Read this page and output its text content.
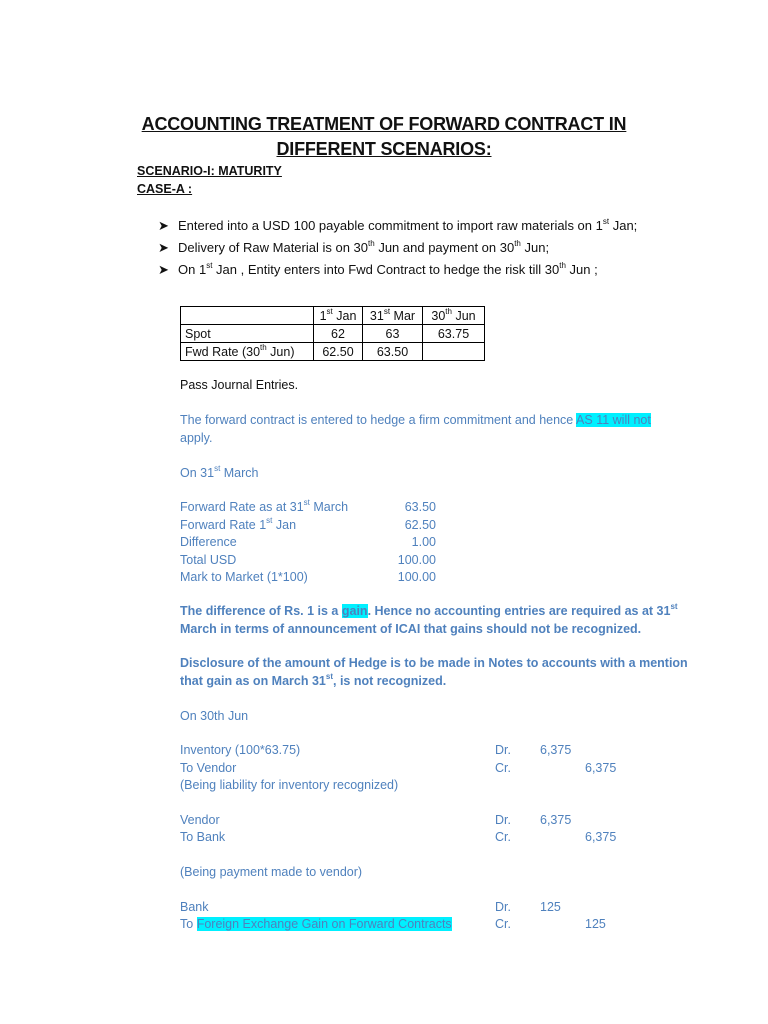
ACCOUNTING TREATMENT OF FORWARD CONTRACT IN
DIFFERENT SCENARIOS:
SCENARIO-I: MATURITY
CASE-A :
➤ Entered into a USD 100 payable commitment to import raw materials on 1st Jan;
➤ Delivery of Raw Material is on 30th Jun and payment on 30th Jun;
➤ On 1st Jan , Entity enters into Fwd Contract to hedge the risk till 30th Jun ;
	1st Jan	31st Mar	30th Jun
Spot	62	63	63.75
Fwd Rate (30th Jun)	62.50	63.50	
Pass Journal Entries.
The forward contract is entered to hedge a firm commitment and hence AS 11 will not
apply.
On 31st March
Forward Rate as at 31st March	63.50
Forward Rate 1st Jan	62.50
Difference	1.00
Total USD	100.00
Mark to Market (1*100)	100.00
The difference of Rs. 1 is a gain. Hence no accounting entries are required as at 31st
March in terms of announcement of ICAI that gains should not be recognized.
Disclosure of the amount of Hedge is to be made in Notes to accounts with a mention
that gain as on March 31st, is not recognized.
On 30th Jun
Inventory (100*63.75)	Dr. 6,375
To Vendor	Cr.	6,375
(Being liability for inventory recognized)
Vendor	Dr. 6,375
To Bank	Cr.	6,375
(Being payment made to vendor)
Bank	Dr. 125
To Foreign Exchange Gain on Forward Contracts	Cr.	125
